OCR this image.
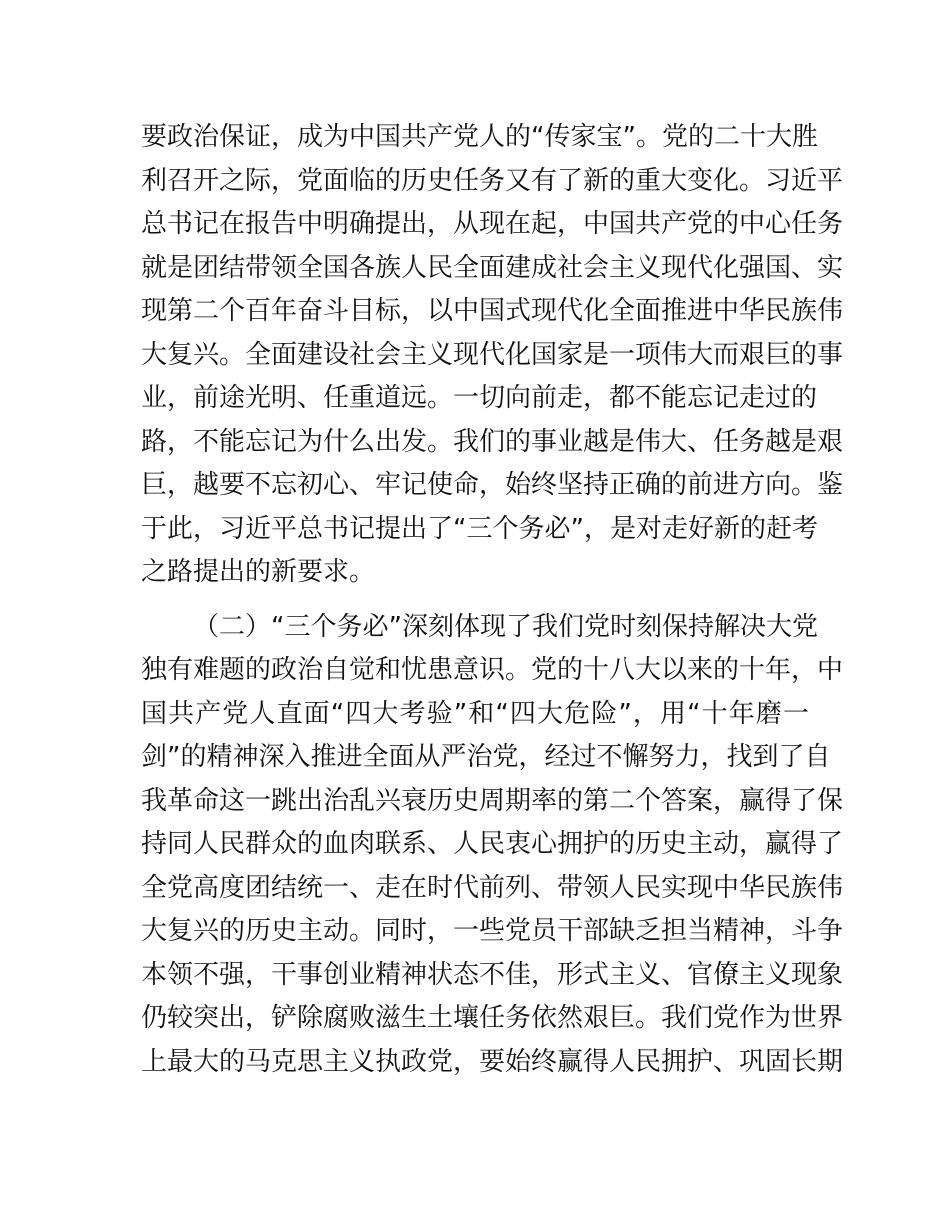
要政治保证，成为中国共产党人的“传家宝”。党的二十大胜
利召开之际，党面临的历史任务又有了新的重大变化。习近平
总书记在报告中明确提出，从现在起，中国共产党的中心任务
就是团结带领全国各族人民全面建成社会主义现代化强国、实
现第二个百年奋斗目标，以中国式现代化全面推进中华民族伟
大复兴。全面建设社会主义现代化国家是一项伟大而艰巨的事
业，前途光明、任重道远。一切向前走，都不能忘记走过的
路，不能忘记为什么出发。我们的事业越是伟大、任务越是艰
巨，越要不忘初心、牢记使命，始终坚持正确的前进方向。鉴
于此，习近平总书记提出了“三个务必”，是对走好新的赶考
之路提出的新要求。
（二）“三个务必”深刻体现了我们党时刻保持解决大党
独有难题的政治自觉和忧患意识。党的十八大以来的十年，中
国共产党人直面“四大考验”和“四大危险”，用“十年磨一
剑”的精神深入推进全面从严治党，经过不懈努力，找到了自
我革命这一跳出治乱兴衰历史周期率的第二个答案，赢得了保
持同人民群众的血肉联系、人民衷心拥护的历史主动，赢得了
全党高度团结统一、走在时代前列、带领人民实现中华民族伟
大复兴的历史主动。同时，一些党员干部缺乏担当精神，斗争
本领不强，干事创业精神状态不佳，形式主义、官僚主义现象
仍较突出，铲除腐败滋生土壤任务依然艰巨。我们党作为世界
上最大的马克思主义执政党，要始终赢得人民拥护、巩固长期
